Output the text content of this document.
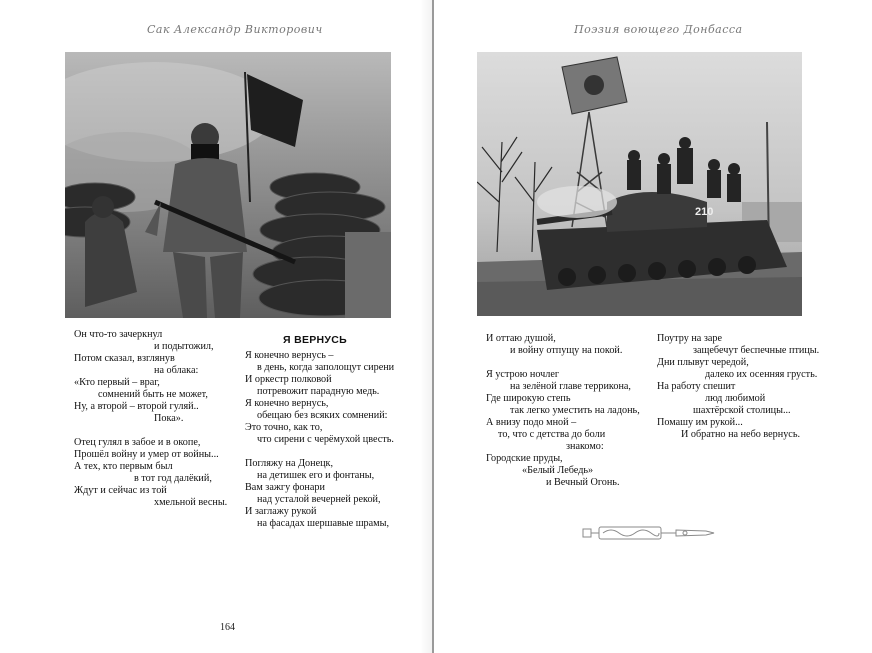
Сак Александр Викторович
Он что-то зачеркнул
и подытожил,
Потом сказал, взглянув
на облака:
«Кто первый – враг,
сомнений быть не может,
Ну, а второй – второй гуляй..
Пока».
Отец гулял в забое и в окопе,
Прошёл войну и умер от войны...
А тех, кто первым был
в тот год далёкий,
Ждут и сейчас из тoй
хмельной весны.
Я ВЕРНУСЬ
Я конечно вернусь –
в день, когда заполощут сирени
И оркестр полковой
потревожит парадную медь.
Я конечно вернусь,
обещаю без всяких сомнений:
Это точно, как то,
что сирени с черёмухой цвесть.
Погляжу на Донецк,
на детишек его и фонтаны,
Вам зажгу фонари
над усталой вечерней рекой,
И заглажу рукой
на фасадах шершавые шрамы,
164
Поэзия воющего Донбасса
210
И оттаю душой,
и войну отпущу на покой.
Я устрою ночлег
на зелёной главе терриконa,
Где широкую степь
так легко уместить на ладонь,
А внизу подо мной –
то, что с детства до боли
знакомо:
Городские пруды,
«Белый Лебедь»
и Вечный Огонь.
Поутру на заре
защебечут беспечные птицы.
Дни плывут чередой,
далеко их осенняя грусть.
На работу спешит
люд любимой
шахтёрской столицы...
Помашу им рукой...
И обратно на небо вернусь.
